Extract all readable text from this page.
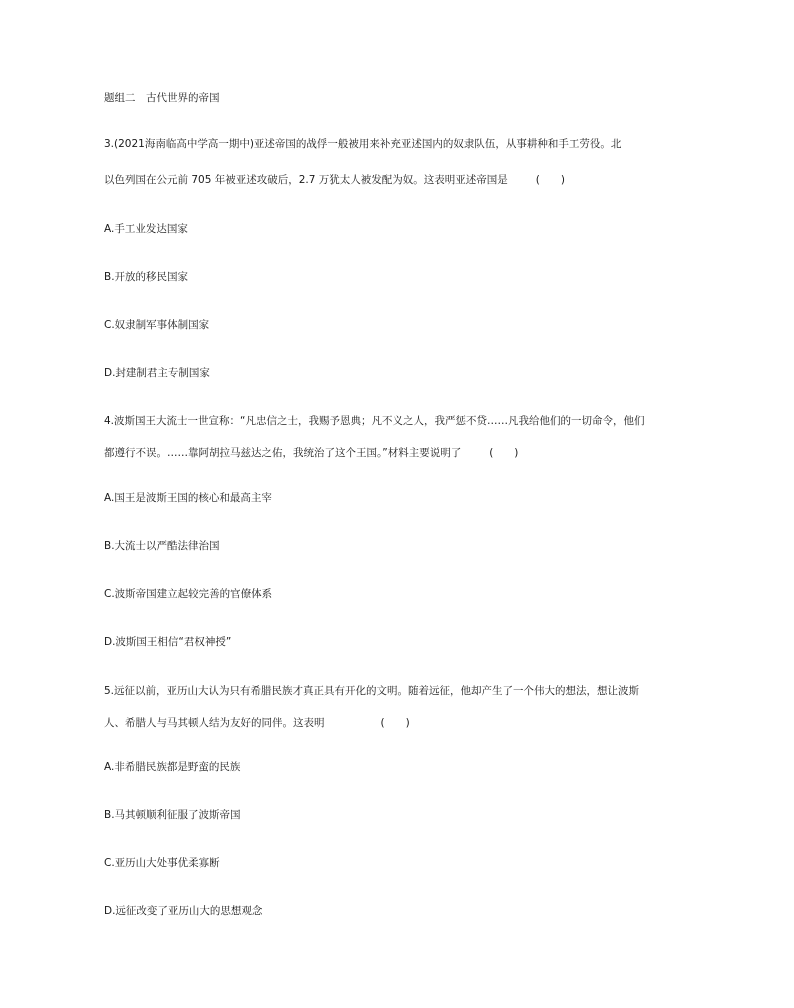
题组二　古代世界的帝国
3.(2021海南临高中学高一期中)亚述帝国的战俘一般被用来补充亚述国内的奴隶队伍，从事耕种和手工劳役。北
以色列国在公元前 705 年被亚述攻破后，2.7 万犹太人被发配为奴。这表明亚述帝国是	(　　)
A.手工业发达国家
B.开放的移民国家
C.奴隶制军事体制国家
D.封建制君主专制国家
4.波斯国王大流士一世宣称：“凡忠信之士，我赐予恩典；凡不义之人，我严惩不贷……凡我给他们的一切命令，他们
都遵行不误。……靠阿胡拉马兹达之佑，我统治了这个王国。”材料主要说明了	(　　)
A.国王是波斯王国的核心和最高主宰
B.大流士以严酷法律治国
C.波斯帝国建立起较完善的官僚体系
D.波斯国王相信“君权神授”
5.远征以前，亚历山大认为只有希腊民族才真正具有开化的文明。随着远征，他却产生了一个伟大的想法，想让波斯
人、希腊人与马其顿人结为友好的同伴。这表明	(　　)
A.非希腊民族都是野蛮的民族
B.马其顿顺利征服了波斯帝国
C.亚历山大处事优柔寡断
D.远征改变了亚历山大的思想观念
